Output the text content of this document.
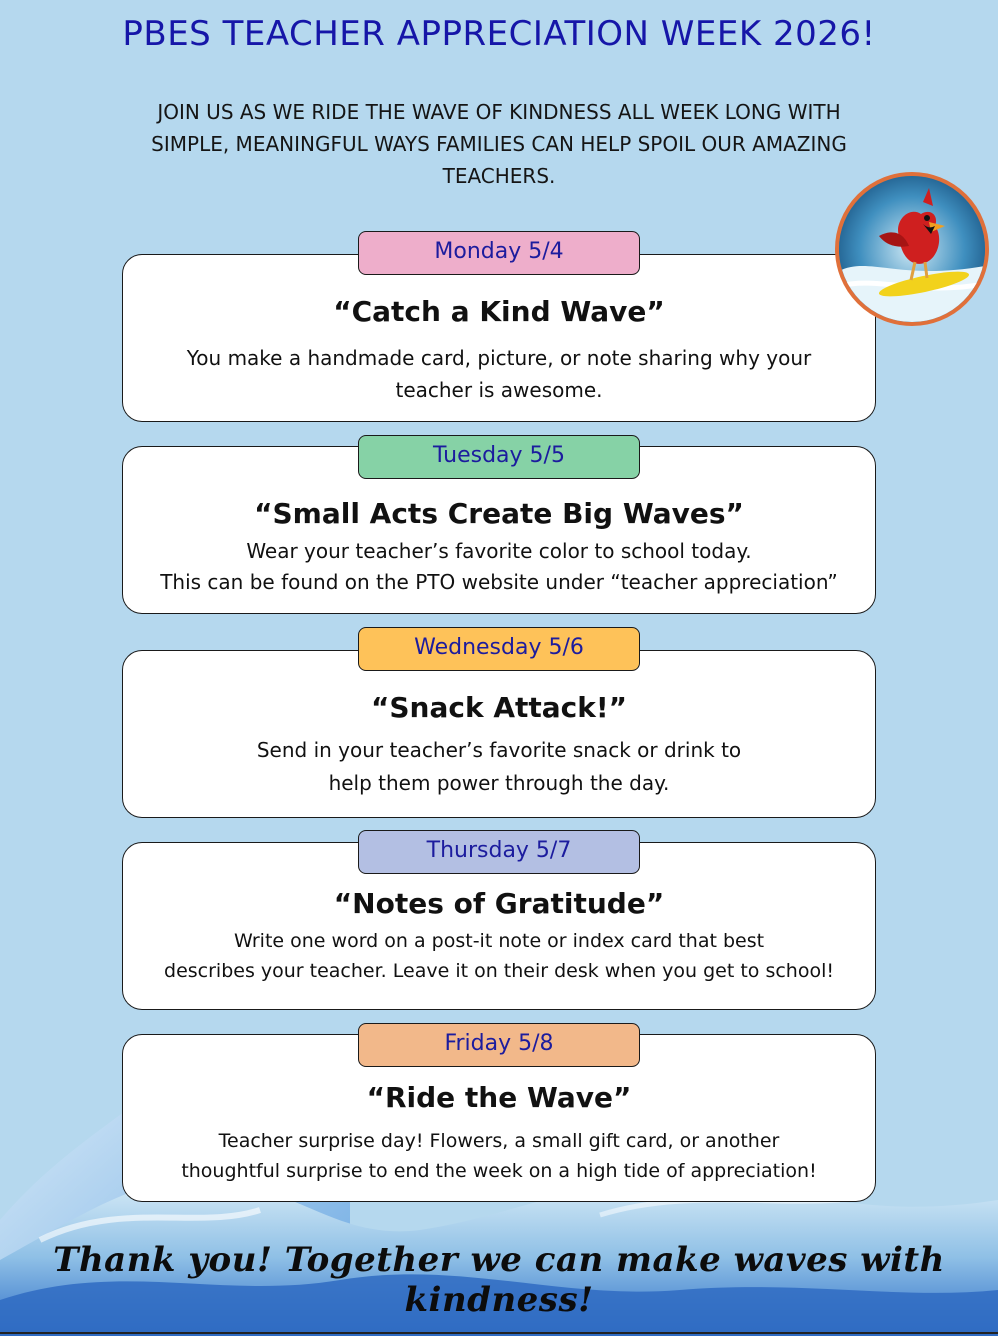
PBES TEACHER APPRECIATION WEEK 2026!
JOIN US AS WE RIDE THE WAVE OF KINDNESS ALL WEEK LONG WITH
SIMPLE, MEANINGFUL WAYS FAMILIES CAN HELP SPOIL OUR AMAZING
TEACHERS.
“Catch a Kind Wave”
You make a handmade card, picture, or note sharing why your
teacher is awesome.
Monday 5/4
“Small Acts Create Big Waves”
Wear your teacher’s favorite color to school today.
This can be found on the PTO website under “teacher appreciation”
Tuesday 5/5
“Snack Attack!”
Send in your teacher’s favorite snack or drink to
help them power through the day.
Wednesday 5/6
“Notes of Gratitude”
Write one word on a post-it note or index card that best
describes your teacher. Leave it on their desk when you get to school!
Thursday 5/7
“Ride the Wave”
Teacher surprise day! Flowers, a small gift card, or another
thoughtful surprise to end the week on a high tide of appreciation!
Friday 5/8
Thank you! Together we can make waves with kindness!
